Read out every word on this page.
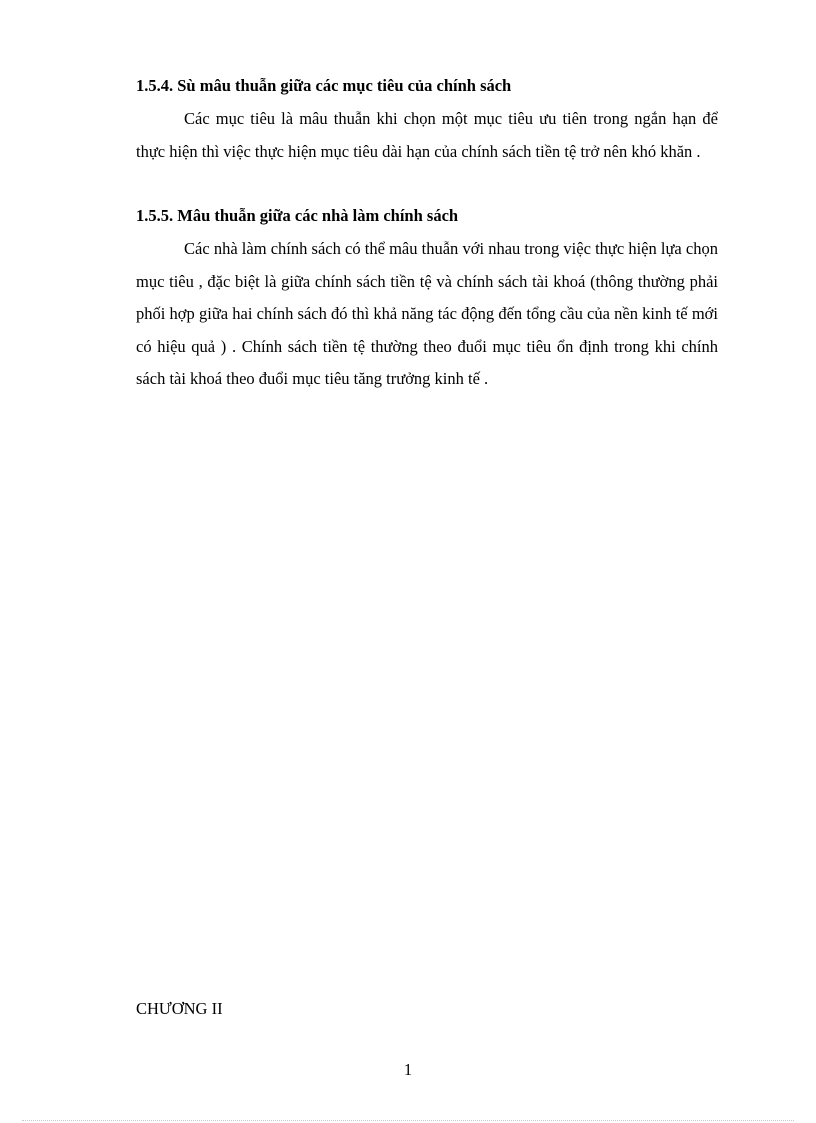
1.5.4. Sù mâu thuẫn giữa các mục tiêu của chính sách

Các mục tiêu là mâu thuẫn khi chọn một mục tiêu ưu tiên trong ngắn hạn để thực hiện thì việc thực hiện mục tiêu dài hạn của chính sách tiền tệ trở nên khó khăn .

1.5.5. Mâu thuẫn giữa các nhà làm chính sách

Các nhà làm chính sách có thể mâu thuẫn với nhau trong việc thực hiện lựa chọn mục tiêu , đặc biệt là giữa chính sách tiền tệ và chính sách tài khoá (thông thường phải phối hợp giữa hai chính sách đó thì khả năng tác động đến tổng cầu của nền kinh tế mới có hiệu quả ) . Chính sách tiền tệ thường theo đuổi mục tiêu ổn định trong khi chính sách tài khoá theo đuổi mục tiêu tăng trưởng kinh tế .

CHƯƠNG II
1
